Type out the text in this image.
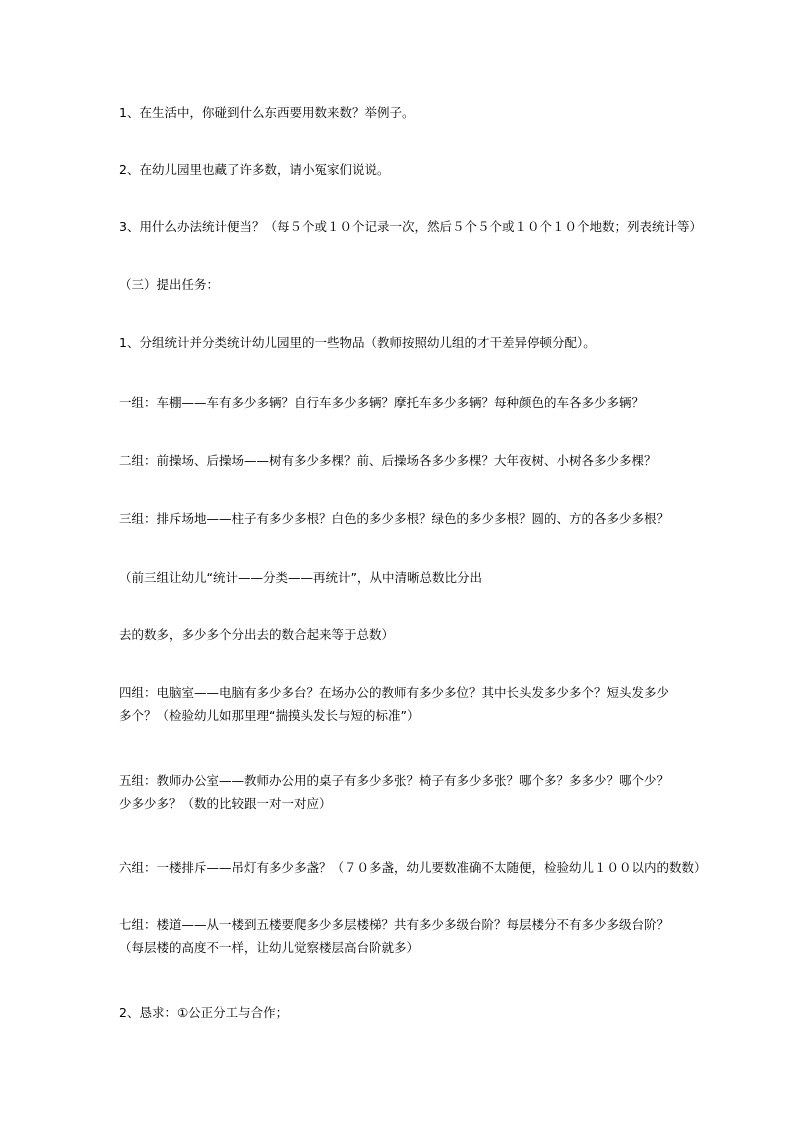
1、在生活中，你碰到什么东西要用数来数？举例子。
2、在幼儿园里也藏了许多数，请小冤家们说说。
3、用什么办法统计便当？（每５个或１０个记录一次，然后５个５个或１０个１０个地数；列表统计等）
（三）提出任务：
1、分组统计并分类统计幼儿园里的一些物品（教师按照幼儿组的才干差异停顿分配）。
一组：车棚——车有多少多辆？自行车多少多辆？摩托车多少多辆？每种颜色的车各多少多辆？
二组：前操场、后操场——树有多少多棵？前、后操场各多少多棵？大年夜树、小树各多少多棵？
三组：排斥场地——柱子有多少多根？白色的多少多根？绿色的多少多根？圆的、方的各多少多根？
（前三组让幼儿“统计——分类——再统计”，从中清晰总数比分出
去的数多，多少多个分出去的数合起来等于总数）
四组：电脑室——电脑有多少多台？在场办公的教师有多少多位？其中长头发多少多个？短头发多少多个？（检验幼儿如那里理“揣摸头发长与短的标准”）
五组：教师办公室——教师办公用的桌子有多少多张？椅子有多少多张？哪个多？多多少？哪个少？少多少多？（数的比较跟一对一对应）
六组：一楼排斥——吊灯有多少多盏？（７０多盏，幼儿要数准确不太随便，检验幼儿１００以内的数数）
七组：楼道——从一楼到五楼要爬多少多层楼梯？共有多少多级台阶？每层楼分不有多少多级台阶？（每层楼的高度不一样，让幼儿觉察楼层高台阶就多）
2、恳求：①公正分工与合作；
